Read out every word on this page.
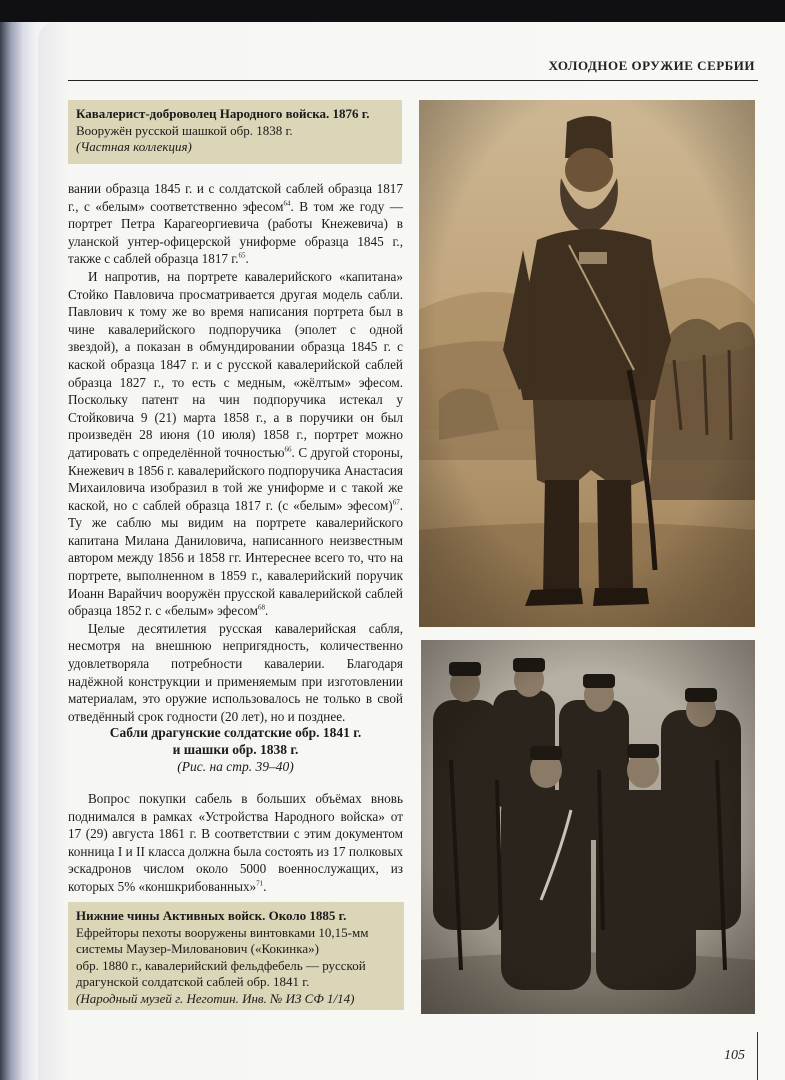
ХОЛОДНОЕ ОРУЖИЕ СЕРБИИ
Кавалерист-доброволец Народного войска. 1876 г.
Вооружён русской шашкой обр. 1838 г.
(Частная коллекция)

вании образца 1845 г. и с солдатской саблей образца 1817 г., с «белым» соответственно эфесом$^{64}$. В том же году — портрет Петра Карагеоргиевича (работы Кнежевича) в уланской унтер-офицерской униформе образца 1845 г., также с саблей образца 1817 г.$^{65}$.

И напротив, на портрете кавалерийского «капитана» Стойко Павловича просматривается другая модель сабли. Павлович к тому же во время написания портрета был в чине кавалерийского подпоручика (эполет с одной звездой), а показан в обмундировании образца 1845 г. с каской образца 1847 г. и с русской кавалерийской саблей образца 1827 г., то есть с медным, «жёлтым» эфесом. Поскольку патент на чин подпоручика истекал у Стойковича 9 (21) марта 1858 г., а в поручики он был произведён 28 июня (10 июля) 1858 г., портрет можно датировать с определённой точностью$^{66}$. С другой стороны, Кнежевич в 1856 г. кавалерийского подпоручика Анастасия Михаиловича изобразил в той же униформе и с такой же каской, но с саблей образца 1817 г. (с «белым» эфесом)$^{67}$. Ту же саблю мы видим на портрете кавалерийского капитана Милана Даниловича, написанного неизвестным автором между 1856 и 1858 гг. Интереснее всего то, что на портрете, выполненном в 1859 г., кавалерийский поручик Иоанн Варайчич вооружён прусской кавалерийской саблей образца 1852 г. с «белым» эфесом$^{68}$.

Целые десятилетия русская кавалерийская сабля, несмотря на внешнюю непригядность, количественно удовлетворяла потребности кавалерии. Благодаря надёжной конструкции и применяемым при изготовлении материалам, это оружие использовалось не только в свой отведённый срок годности (20 лет), но и позднее.

Сабли драгунские солдатские обр. 1841 г.
и шашки обр. 1838 г.
(Рис. на стр. 39–40)

Вопрос покупки сабель в больших объёмах вновь поднимался в рамках «Устройства Народного войска» от 17 (29) августа 1861 г. В соответствии с этим документом конница I и II класса должна была состоять из 17 полковых эскадронов числом около 5000 военнослужащих, из которых 5% «коншкрибованных»$^{71}$.

Нижние чины Активных войск. Около 1885 г.
Ефрейторы пехоты вооружены винтовками 10,15-мм
системы Маузер-Милованович («Кокинка»)
обр. 1880 г., кавалерийский фельдфебель — русской
драгунской солдатской саблей обр. 1841 г.
(Народный музей г. Неготин. Инв. № ИЗ СФ 1/14)
105
